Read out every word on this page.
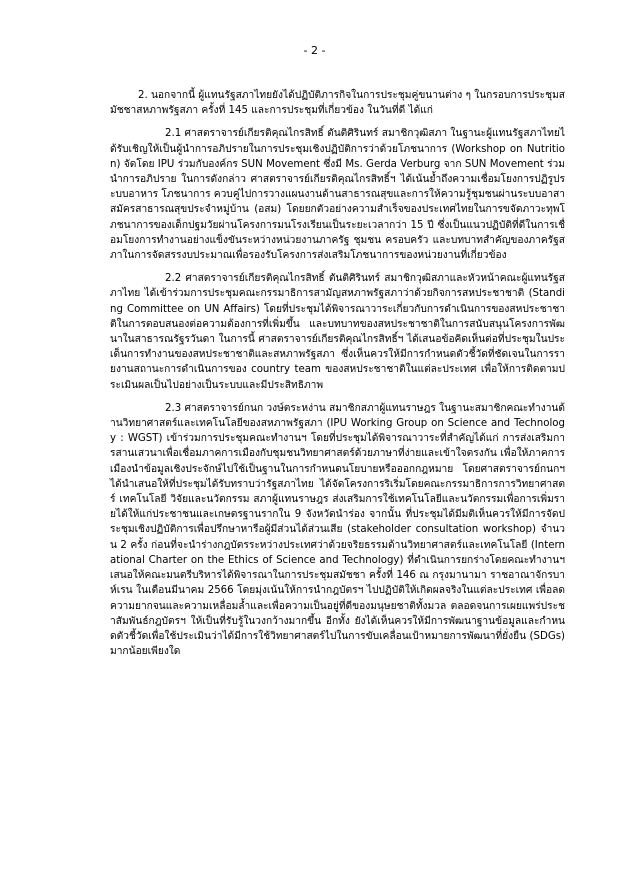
- 2 -

2. นอกจากนี้ ผู้แทนรัฐสภาไทยยังได้ปฏิบัติภารกิจในการประชุมคู่ขนานต่าง ๆ ในกรอบการประชุมสมัชชาสหภาพรัฐสภา ครั้งที่ 145 และการประชุมที่เกี่ยวข้อง ในวันที่ดี ได้แก่

2.1 ศาสตราจารย์เกียรติคุณไกรสิทธิ์ ตันติศิรินทร์ สมาชิกวุฒิสภา ในฐานะผู้แทนรัฐสภาไทยได้รับเชิญให้เป็นผู้นำการอภิปรายในการประชุมเชิงปฏิบัติการว่าด้วยโภชนาการ (Workshop on Nutrition) จัดโดย IPU ร่วมกับองค์กร SUN Movement ซึ่งมี Ms. Gerda Verburg จาก SUN Movement ร่วมนำการอภิปราย ในการดังกล่าว ศาสตราจารย์เกียรติคุณไกรสิทธิ์ฯ ได้เน้นย้ำถึงความเชื่อมโยงการปฏิรูประบบอาหาร โภชนาการ ควบคู่ไปการวางแผนงานด้านสาธารณสุขและการให้ความรู้ชุมชนผ่านระบบอาสาสมัครสาธารณสุขประจำหมู่บ้าน (อสม) โดยยกตัวอย่างความสำเร็จของประเทศไทยในการขจัดภาวะทุพโภชนาการของเด็กปฐมวัยผ่านโครงการมนโรงเรียนเป็นระยะเวลากว่า 15 ปี ซึ่งเป็นแนวปฏิบัติที่ดีในการเชื่อมโยงการทำงานอย่างแข็งขันระหว่างหน่วยงานภาครัฐ ชุมชน ครอบครัว และบทบาทสำคัญของภาครัฐสภาในการจัดสรรงบประมาณเพื่อรองรับโครงการส่งเสริมโภชนาการของหน่วยงานที่เกี่ยวข้อง

2.2 ศาสตราจารย์เกียรติคุณไกรสิทธิ์ ตันติศิรินทร์ สมาชิกวุฒิสภาและหัวหน้าคณะผู้แทนรัฐสภาไทย ได้เข้าร่วมการประชุมคณะกรรมาธิการสามัญสหภาพรัฐสภาว่าด้วยกิจการสหประชาชาติ (Standing Committee on UN Affairs) โดยที่ประชุมได้พิจารณาวาระเกี่ยวกับการดำเนินการของสหประชาชาติในการตอบสนองต่อความต้องการที่เพิ่มขึ้น และบทบาทของสหประชาชาติในการสนับสนุนโครงการพัฒนาในสาธารณรัฐรวันดา ในการนี้ ศาสตราจารย์เกียรติคุณไกรสิทธิ์ฯ ได้เสนอข้อคิดเห็นต่อที่ประชุมในประเด็นการทำงานของสหประชาชาติและสหภาพรัฐสภา ซึ่งเห็นควรให้มีการกำหนดตัวชี้วัดที่ชัดเจนในการรายงานสถานะการดำเนินการของ country team ของสหประชาชาติในแต่ละประเทศ เพื่อให้การติดตามประเมินผลเป็นไปอย่างเป็นระบบและมีประสิทธิภาพ

2.3 ศาสตราจารย์กนก วงษ์ตระหง่าน สมาชิกสภาผู้แทนราษฎร ในฐานะสมาชิกคณะทำงานด้านวิทยาศาสตร์และเทคโนโลยีของสหภาพรัฐสภา (IPU Working Group on Science and Technology : WGST) เข้าร่วมการประชุมคณะทำงานฯ โดยที่ประชุมได้พิจารณาวาระที่สำคัญได้แก่ การส่งเสริมการสานเสวนาเพื่อเชื่อมภาคการเมืองกับชุมชนวิทยาศาสตร์ด้วยภาษาที่ง่ายและเข้าใจตรงกัน เพื่อให้ภาคการเมืองนำข้อมูลเชิงประจักษ์ไปใช้เป็นฐานในการกำหนดนโยบายหรือออกกฎหมาย โดยศาสตราจารย์กนกฯ ได้นำเสนอให้ที่ประชุมได้รับทราบว่ารัฐสภาไทย ได้จัดโครงการริเริ่มโดยคณะกรรมาธิการการวิทยาศาสตร์ เทคโนโลยี วิจัยและนวัตกรรม สภาผู้แทนราษฎร ส่งเสริมการใช้เทคโนโลยีและนวัตกรรมเพื่อการเพิ่มรายได้ให้แก่ประชาชนและเกษตรฐานรากใน 9 จังหวัดนำร่อง จากนั้น ที่ประชุมได้มีมติเห็นควรให้มีการจัดประชุมเชิงปฏิบัติการเพื่อปรึกษาหารือผู้มีส่วนได้ส่วนเสีย (stakeholder consultation workshop) จำนวน 2 ครั้ง ก่อนที่จะนำร่างกฎบัตรระหว่างประเทศว่าด้วยจริยธรรมด้านวิทยาศาสตร์และเทคโนโลยี (International Charter on the Ethics of Science and Technology) ที่ดำเนินการยกร่างโดยคณะทำงานฯ เสนอให้คณะมนตรีบริหารได้พิจารณาในการประชุมสมัชชา ครั้งที่ 146 ณ กรุงมานามา ราชอาณาจักรบาห์เรน ในเดือนมีนาคม 2566 โดยมุ่งเน้นให้การนำกฎบัตรฯ ไปปฏิบัติให้เกิดผลจริงในแต่ละประเทศ เพื่อลดความยากจนและความเหลื่อมล้ำและเพื่อความเป็นอยู่ที่ดีของมนุษยชาติทั้งมวล ตลอดจนการเผยแพร่ประชาสัมพันธ์กฎบัตรฯ ให้เป็นที่รับรู้ในวงกว้างมากขึ้น อีกทั้ง ยังได้เห็นควรให้มีการพัฒนาฐานข้อมูลและกำหนดตัวชี้วัดเพื่อใช้ประเมินว่าได้มีการใช้วิทยาศาสตร์ไปในการขับเคลื่อนเป้าหมายการพัฒนาที่ยั่งยืน (SDGs) มากน้อยเพียงใด
